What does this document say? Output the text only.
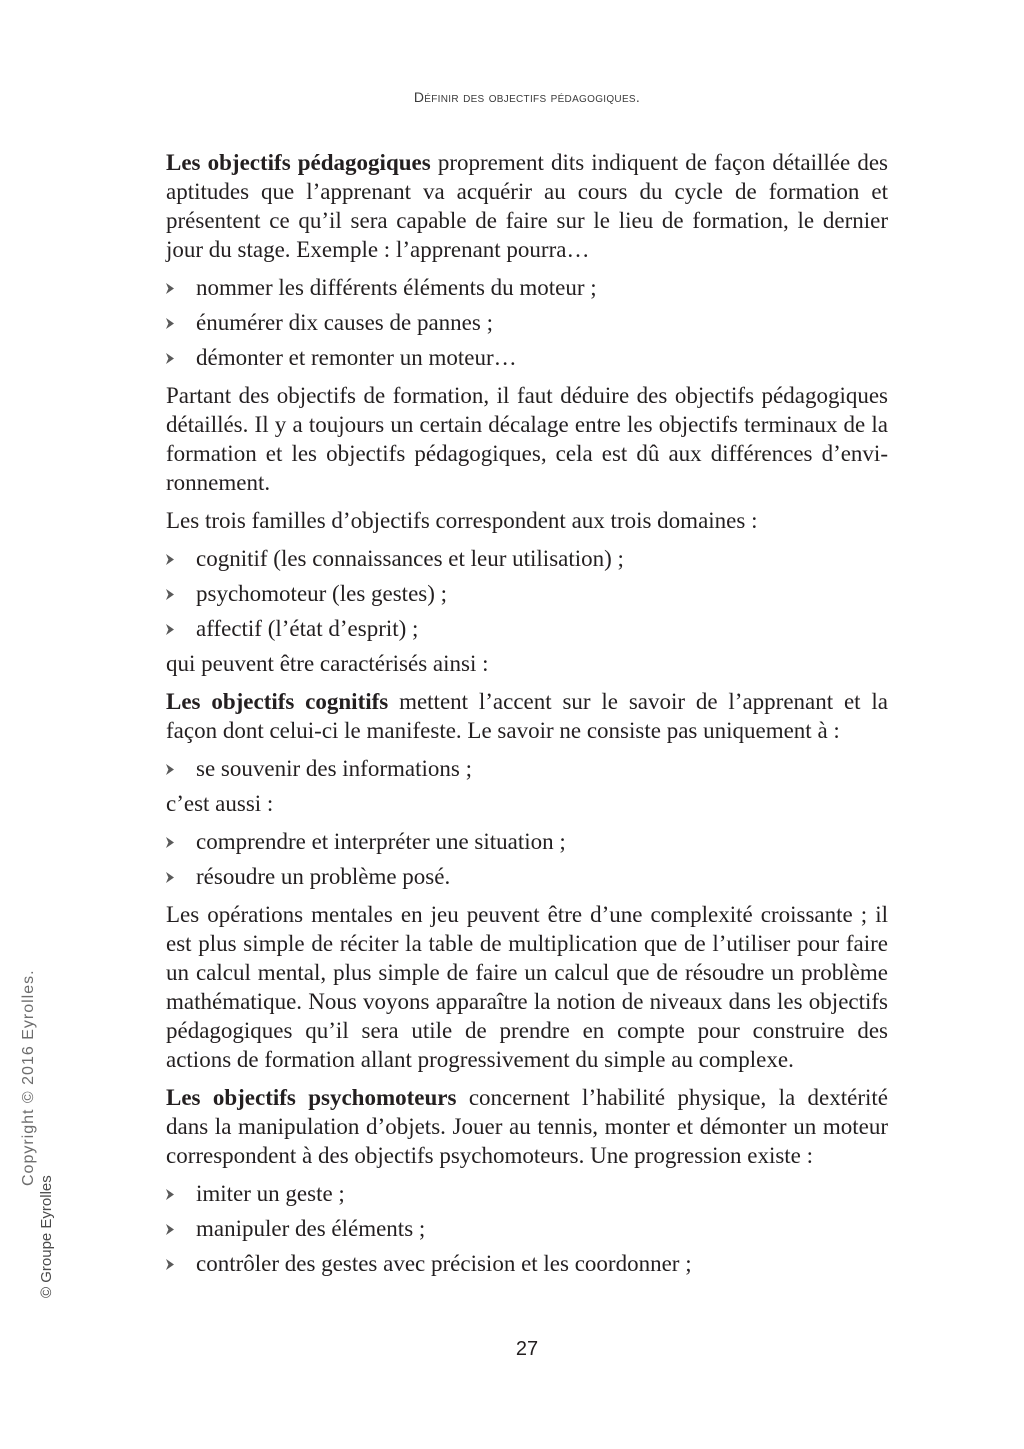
Définir des objectifs pédagogiques.

Les objectifs pédagogiques proprement dits indiquent de façon détaillée des aptitudes que l’apprenant va acquérir au cours du cycle de formation et présentent ce qu’il sera capable de faire sur le lieu de formation, le dernier jour du stage. Exemple : l’apprenant pourra…

nommer les différents éléments du moteur ;
énumérer dix causes de pannes ;
démonter et remonter un moteur…

Partant des objectifs de formation, il faut déduire des objectifs pédagogiques détaillés. Il y a toujours un certain décalage entre les objectifs terminaux de la formation et les objectifs pédagogiques, cela est dû aux différences d’environnement.

Les trois familles d’objectifs correspondent aux trois domaines :

cognitif (les connaissances et leur utilisation) ;
psychomoteur (les gestes) ;
affectif (l’état d’esprit) ;

qui peuvent être caractérisés ainsi :

Les objectifs cognitifs mettent l’accent sur le savoir de l’apprenant et la façon dont celui-ci le manifeste. Le savoir ne consiste pas uniquement à :

se souvenir des informations ;

c’est aussi :

comprendre et interpréter une situation ;
résoudre un problème posé.

Les opérations mentales en jeu peuvent être d’une complexité croissante ; il est plus simple de réciter la table de multiplication que de l’utiliser pour faire un calcul mental, plus simple de faire un calcul que de résoudre un problème mathématique. Nous voyons apparaître la notion de niveaux dans les objectifs pédagogiques qu’il sera utile de prendre en compte pour construire des actions de formation allant progressivement du simple au complexe.

Les objectifs psychomoteurs concernent l’habilité physique, la dextérité dans la manipulation d’objets. Jouer au tennis, monter et démonter un moteur correspondent à des objectifs psychomoteurs. Une progression existe :

imiter un geste ;
manipuler des éléments ;
contrôler des gestes avec précision et les coordonner ;
27
Copyright © 2016 Eyrolles.
© Groupe Eyrolles
